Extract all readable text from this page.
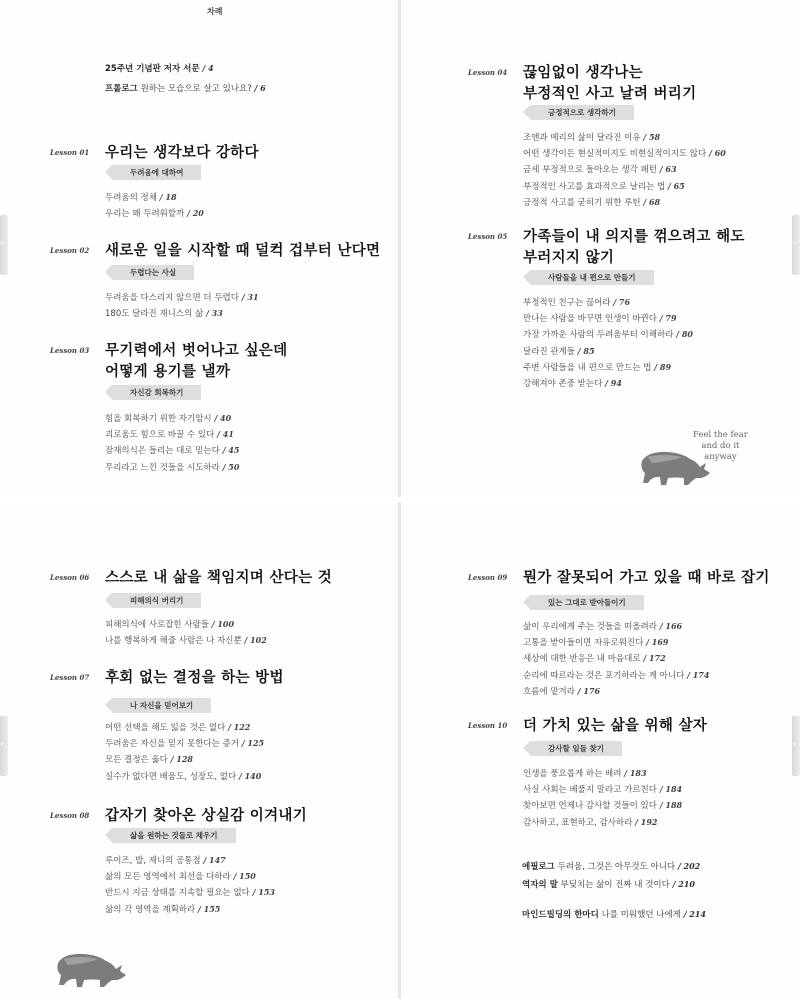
차례
25주년 기념판 저자 서문 / 4
프롤로그 원하는 모습으로 살고 있나요? / 6
Lesson 01 우리는 생각보다 강하다
두려움에 대하여
두려움의 정체 / 18
우리는 왜 두려워할까 / 20
Lesson 02 새로운 일을 시작할 때 덜컥 겁부터 난다면
두렵다는 사실
두려움을 다스리지 않으면 더 두렵다 / 31
180도 달라진 재니스의 삶 / 33
Lesson 03 무기력에서 벗어나고 싶은데
어떻게 용기를 낼까
자신감 회복하기
힘을 회복하기 위한 자기암시 / 40
괴로움도 힘으로 바꿀 수 있다 / 41
잠재의식은 들리는 대로 믿는다 / 45
무리라고 느낀 것들을 시도하라 / 50
Lesson 04 끊임없이 생각나는
부정적인 사고 날려 버리기
긍정적으로 생각하기
조앤과 메리의 삶이 달라진 이유 / 58
어떤 생각이든 현실적이지도 비현실적이지도 않다 / 60
금세 부정적으로 돌아오는 생각 패턴 / 63
부정적인 사고를 효과적으로 날리는 법 / 65
긍정적 사고를 굳히기 위한 루틴 / 68
Lesson 05 가족들이 내 의지를 꺾으려고 해도
부러지지 않기
사람들을 내 편으로 만들기
부정적인 친구는 끊어라 / 76
만나는 사람을 바꾸면 인생이 바뀐다 / 79
가장 가까운 사람의 두려움부터 이해하라 / 80
달라진 관계들 / 85
주변 사람들을 내 편으로 만드는 법 / 89
강해져야 존중 받는다 / 94
Lesson 06 스스로 내 삶을 책임지며 산다는 것
피해의식 버리기
피해의식에 사로잡힌 사람들 / 100
나를 행복하게 해줄 사람은 나 자신뿐 / 102
Lesson 07 후회 없는 결정을 하는 방법
나 자신을 믿어보기
어떤 선택을 해도 잃을 것은 없다 / 122
두려움은 자신을 믿지 못한다는 증거 / 125
모든 결정은 옳다 / 128
실수가 없다면 배움도, 성장도, 없다 / 140
Lesson 08 갑자기 찾아온 상실감 이겨내기
삶을 원하는 것들로 채우기
루이즈, 밥, 제니의 공통점 / 147
삶의 모든 영역에서 최선을 다하라 / 150
반드시 지금 상태를 지속할 필요는 없다 / 153
삶의 각 영역을 계획하라 / 155
Lesson 09 뭔가 잘못되어 가고 있을 때 바로 잡기
있는 그대로 받아들이기
삶이 우리에게 주는 것들을 떠올려라 / 166
고통을 받아들이면 자유로워진다 / 169
세상에 대한 반응은 내 마음대로 / 172
순리에 따르라는 것은 포기하라는 게 아니다 / 174
흐름에 맡겨라 / 176
Lesson 10 더 가치 있는 삶을 위해 살자
감사할 일들 찾기
인생을 풍요롭게 하는 배려 / 183
사실 사회는 베풀지 말라고 가르친다 / 184
찾아보면 언제나 감사할 것들이 있다 / 188
감사하고, 표현하고, 감사하라 / 192
에필로그 두려움, 그것은 아무것도 아니다 / 202
역자의 말 부딪치는 삶이 진짜 내 것이다 / 210
마인드빌딩의 한마디 나를 미워했던 나에게 / 214
Feel the fear
and do it
anyway
‹	›
‹	›
